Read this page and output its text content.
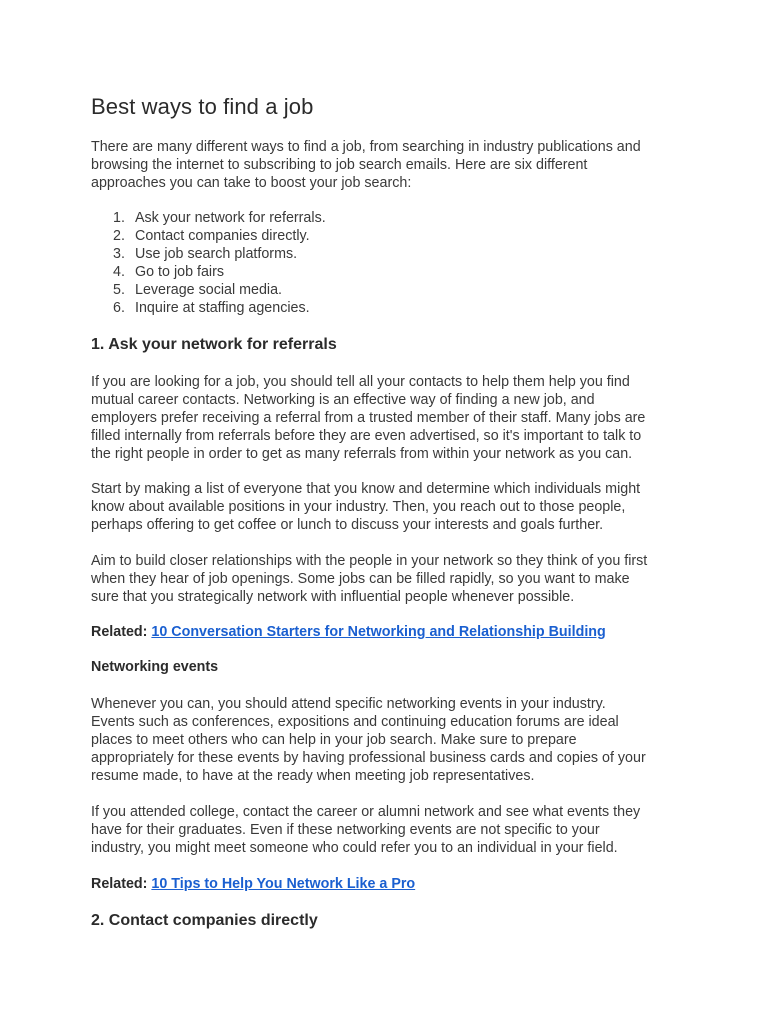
Best ways to find a job

There are many different ways to find a job, from searching in industry publications and
browsing the internet to subscribing to job search emails. Here are six different
approaches you can take to boost your job search:

1. Ask your network for referrals.
2. Contact companies directly.
3. Use job search platforms.
4. Go to job fairs
5. Leverage social media.
6. Inquire at staffing agencies.
1. Ask your network for referrals

If you are looking for a job, you should tell all your contacts to help them help you find
mutual career contacts. Networking is an effective way of finding a new job, and
employers prefer receiving a referral from a trusted member of their staff. Many jobs are
filled internally from referrals before they are even advertised, so it's important to talk to
the right people in order to get as many referrals from within your network as you can.

Start by making a list of everyone that you know and determine which individuals might
know about available positions in your industry. Then, you reach out to those people,
perhaps offering to get coffee or lunch to discuss your interests and goals further.

Aim to build closer relationships with the people in your network so they think of you first
when they hear of job openings. Some jobs can be filled rapidly, so you want to make
sure that you strategically network with influential people whenever possible.

Related: 10 Conversation Starters for Networking and Relationship Building

Networking events

Whenever you can, you should attend specific networking events in your industry.
Events such as conferences, expositions and continuing education forums are ideal
places to meet others who can help in your job search. Make sure to prepare
appropriately for these events by having professional business cards and copies of your
resume made, to have at the ready when meeting job representatives.

If you attended college, contact the career or alumni network and see what events they
have for their graduates. Even if these networking events are not specific to your
industry, you might meet someone who could refer you to an individual in your field.

Related: 10 Tips to Help You Network Like a Pro

2. Contact companies directly
